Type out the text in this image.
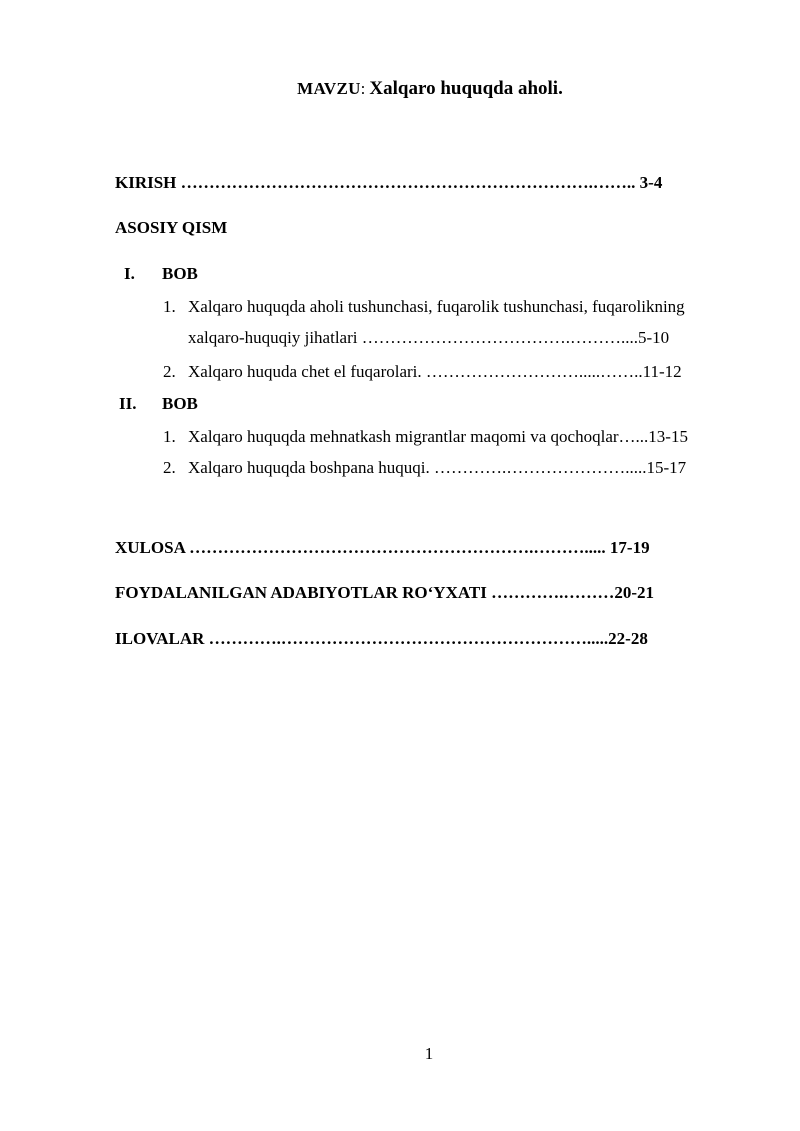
MAVZU: Xalqaro huquqda aholi.
KIRISH ……………………………………………………………….…….. 3-4
ASOSIY QISM
I. BOB
1. Xalqaro huquqda aholi tushunchasi, fuqarolik tushunchasi, fuqarolikning
xalqaro-huquqiy jihatlari ……………………………….………....5-10
2. Xalqaro huquda chet el fuqarolari. ……………………….....……..11-12
II. BOB
1. Xalqaro huquqda mehnatkash migrantlar maqomi va qochoqlar…...13-15
2. Xalqaro huquqda boshpana huquqi. ………….………………….....15-17
XULOSA …………………………………………………….………..... 17-19
FOYDALANILGAN ADABIYOTLAR RO‘YXATI ………….………20-21
ILOVALAR ………….……………………………………………….....22-28
1
